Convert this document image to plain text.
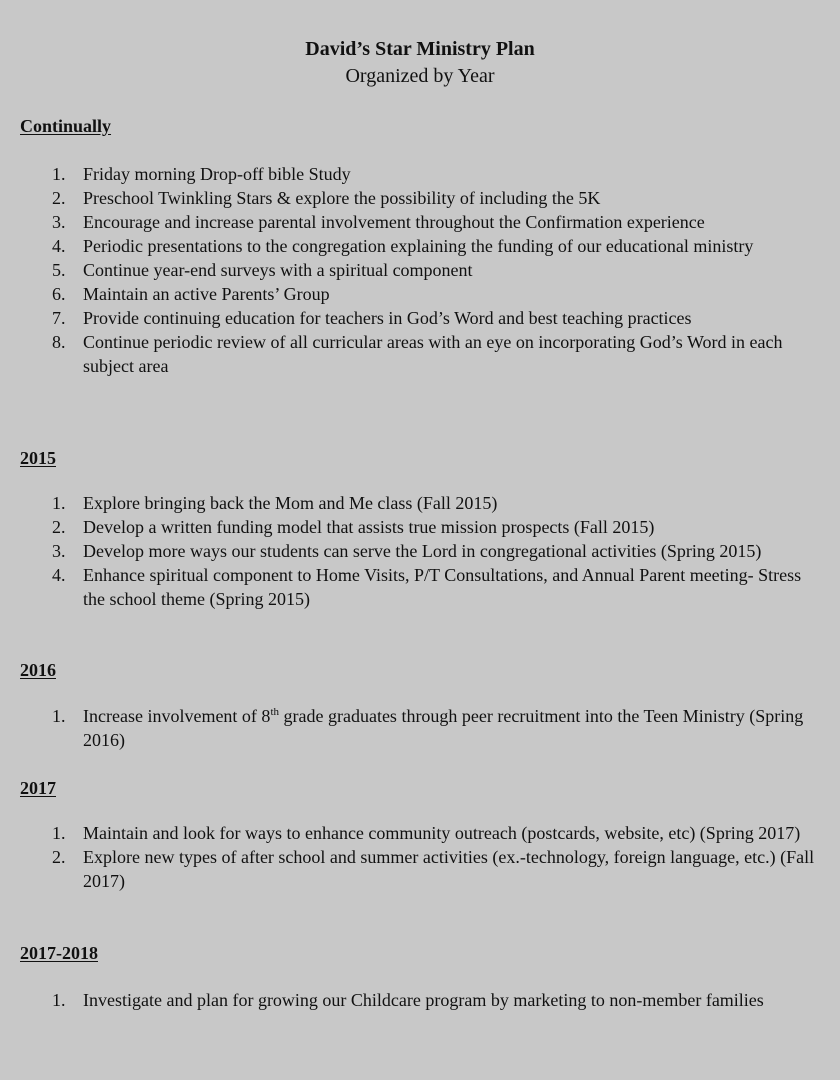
David’s Star Ministry Plan
Organized by Year
Continually
1. Friday morning Drop-off bible Study
2. Preschool Twinkling Stars & explore the possibility of including the 5K
3. Encourage and increase parental involvement throughout the Confirmation experience
4. Periodic presentations to the congregation explaining the funding of our educational ministry
5. Continue year-end surveys with a spiritual component
6. Maintain an active Parents’ Group
7. Provide continuing education for teachers in God’s Word and best teaching practices
8. Continue periodic review of all curricular areas with an eye on incorporating God’s Word in each subject area
2015
1. Explore bringing back the Mom and Me class (Fall 2015)
2. Develop a written funding model that assists true mission prospects (Fall 2015)
3. Develop more ways our students can serve the Lord in congregational activities (Spring 2015)
4. Enhance spiritual component to Home Visits, P/T Consultations, and Annual Parent meeting- Stress the school theme (Spring 2015)
2016
1. Increase involvement of 8th grade graduates through peer recruitment into the Teen Ministry (Spring 2016)
2017
1. Maintain and look for ways to enhance community outreach (postcards, website, etc) (Spring 2017)
2. Explore new types of after school and summer activities (ex.-technology, foreign language, etc.) (Fall 2017)
2017-2018
1. Investigate and plan for growing our Childcare program by marketing to non-member families
